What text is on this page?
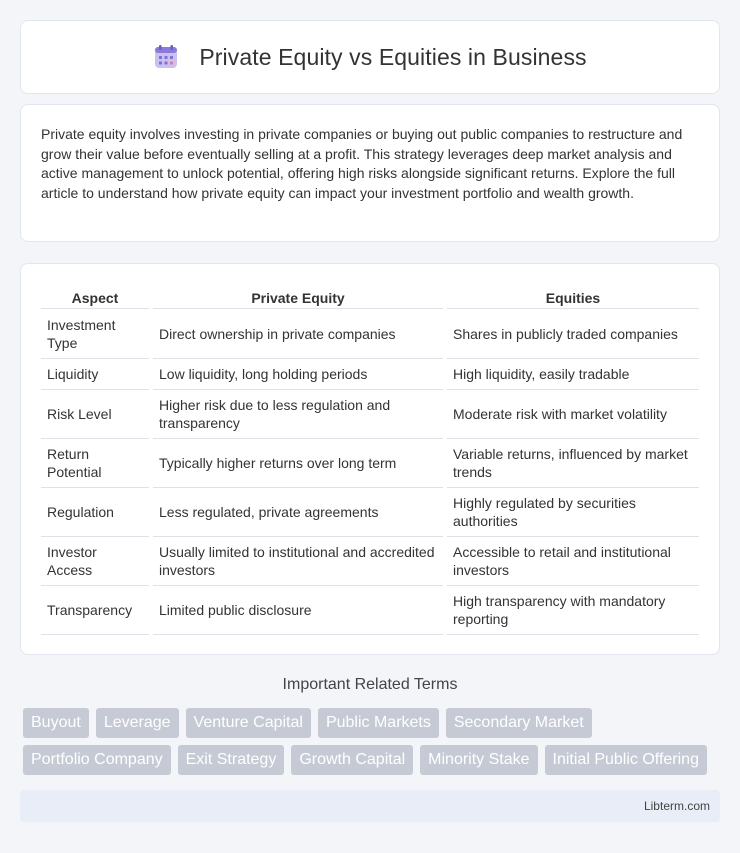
Private Equity vs Equities in Business

Private equity involves investing in private companies or buying out public companies to restructure and grow their value before eventually selling at a profit. This strategy leverages deep market analysis and active management to unlock potential, offering high risks alongside significant returns. Explore the full article to understand how private equity can impact your investment portfolio and wealth growth.

Aspect	Private Equity	Equities
Investment Type	Direct ownership in private companies	Shares in publicly traded companies
Liquidity	Low liquidity, long holding periods	High liquidity, easily tradable
Risk Level	Higher risk due to less regulation and transparency	Moderate risk with market volatility
Return Potential	Typically higher returns over long term	Variable returns, influenced by market trends
Regulation	Less regulated, private agreements	Highly regulated by securities authorities
Investor Access	Usually limited to institutional and accredited investors	Accessible to retail and institutional investors
Transparency	Limited public disclosure	High transparency with mandatory reporting
Important Related Terms
Buyout	Leverage	Venture Capital	Public Markets	Secondary Market
Portfolio Company	Exit Strategy	Growth Capital	Minority Stake	Initial Public Offering
Libterm.com
